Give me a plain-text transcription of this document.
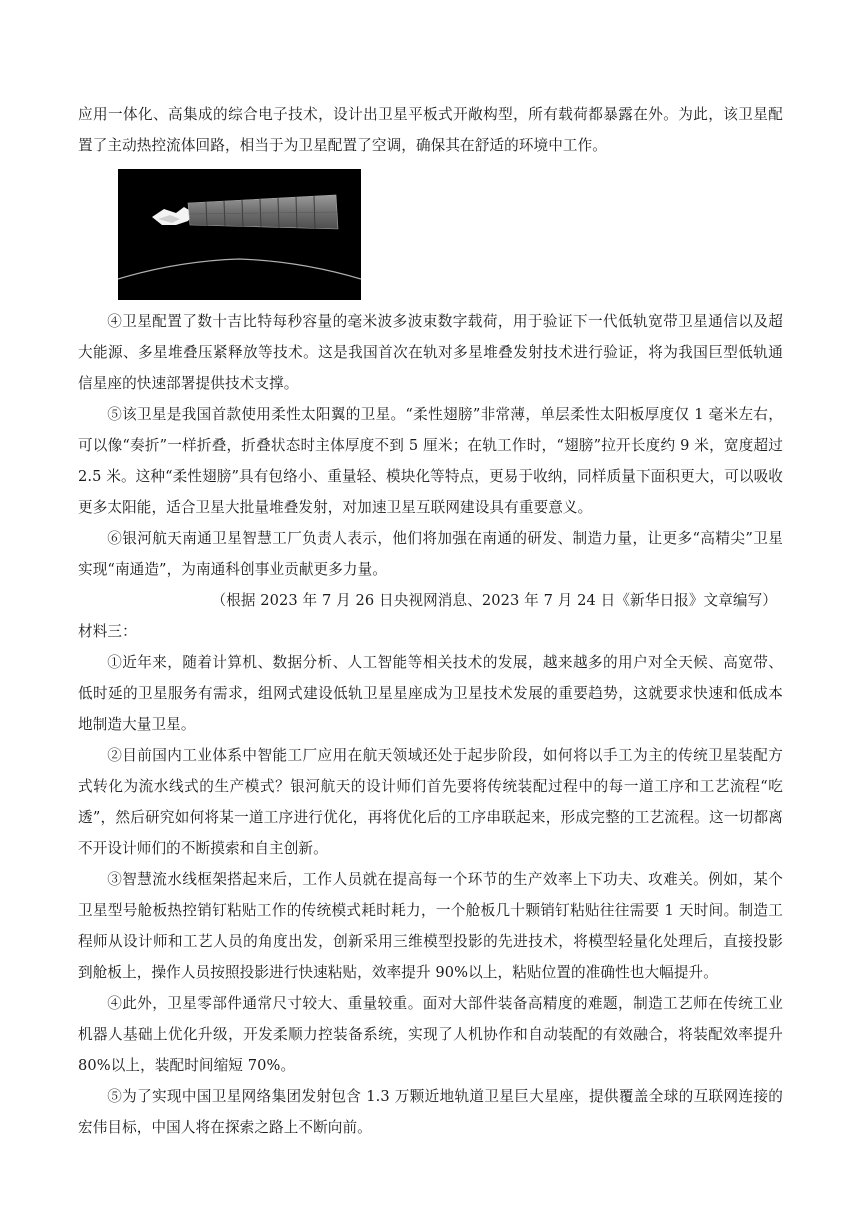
应用一体化、高集成的综合电子技术，设计出卫星平板式开敞构型，所有载荷都暴露在外。为此，该卫星配置了主动热控流体回路，相当于为卫星配置了空调，确保其在舒适的环境中工作。

④卫星配置了数十吉比特每秒容量的毫米波多波束数字载荷，用于验证下一代低轨宽带卫星通信以及超大能源、多星堆叠压紧释放等技术。这是我国首次在轨对多星堆叠发射技术进行验证，将为我国巨型低轨通信星座的快速部署提供技术支撑。

⑤该卫星是我国首款使用柔性太阳翼的卫星。“柔性翅膀”非常薄，单层柔性太阳板厚度仅 1 毫米左右，可以像“奏折”一样折叠，折叠状态时主体厚度不到 5 厘米；在轨工作时，“翅膀”拉开长度约 9 米，宽度超过 2.5 米。这种“柔性翅膀”具有包络小、重量轻、模块化等特点，更易于收纳，同样质量下面积更大，可以吸收更多太阳能，适合卫星大批量堆叠发射，对加速卫星互联网建设具有重要意义。

⑥银河航天南通卫星智慧工厂负责人表示，他们将加强在南通的研发、制造力量，让更多“高精尖”卫星实现“南通造”，为南通科创事业贡献更多力量。

（根据 2023 年 7 月 26 日央视网消息、2023 年 7 月 24 日《新华日报》文章编写）

材料三：

①近年来，随着计算机、数据分析、人工智能等相关技术的发展，越来越多的用户对全天候、高宽带、低时延的卫星服务有需求，组网式建设低轨卫星星座成为卫星技术发展的重要趋势，这就要求快速和低成本地制造大量卫星。

②目前国内工业体系中智能工厂应用在航天领域还处于起步阶段，如何将以手工为主的传统卫星装配方式转化为流水线式的生产模式？银河航天的设计师们首先要将传统装配过程中的每一道工序和工艺流程“吃透”，然后研究如何将某一道工序进行优化，再将优化后的工序串联起来，形成完整的工艺流程。这一切都离不开设计师们的不断摸索和自主创新。

③智慧流水线框架搭起来后，工作人员就在提高每一个环节的生产效率上下功夫、攻难关。例如，某个卫星型号舱板热控销钉粘贴工作的传统模式耗时耗力，一个舱板几十颗销钉粘贴往往需要 1 天时间。制造工程师从设计师和工艺人员的角度出发，创新采用三维模型投影的先进技术，将模型轻量化处理后，直接投影到舱板上，操作人员按照投影进行快速粘贴，效率提升 90%以上，粘贴位置的准确性也大幅提升。

④此外，卫星零部件通常尺寸较大、重量较重。面对大部件装备高精度的难题，制造工艺师在传统工业机器人基础上优化升级，开发柔顺力控装备系统，实现了人机协作和自动装配的有效融合，将装配效率提升 80%以上，装配时间缩短 70%。

⑤为了实现中国卫星网络集团发射包含 1.3 万颗近地轨道卫星巨大星座，提供覆盖全球的互联网连接的宏伟目标，中国人将在探索之路上不断向前。
